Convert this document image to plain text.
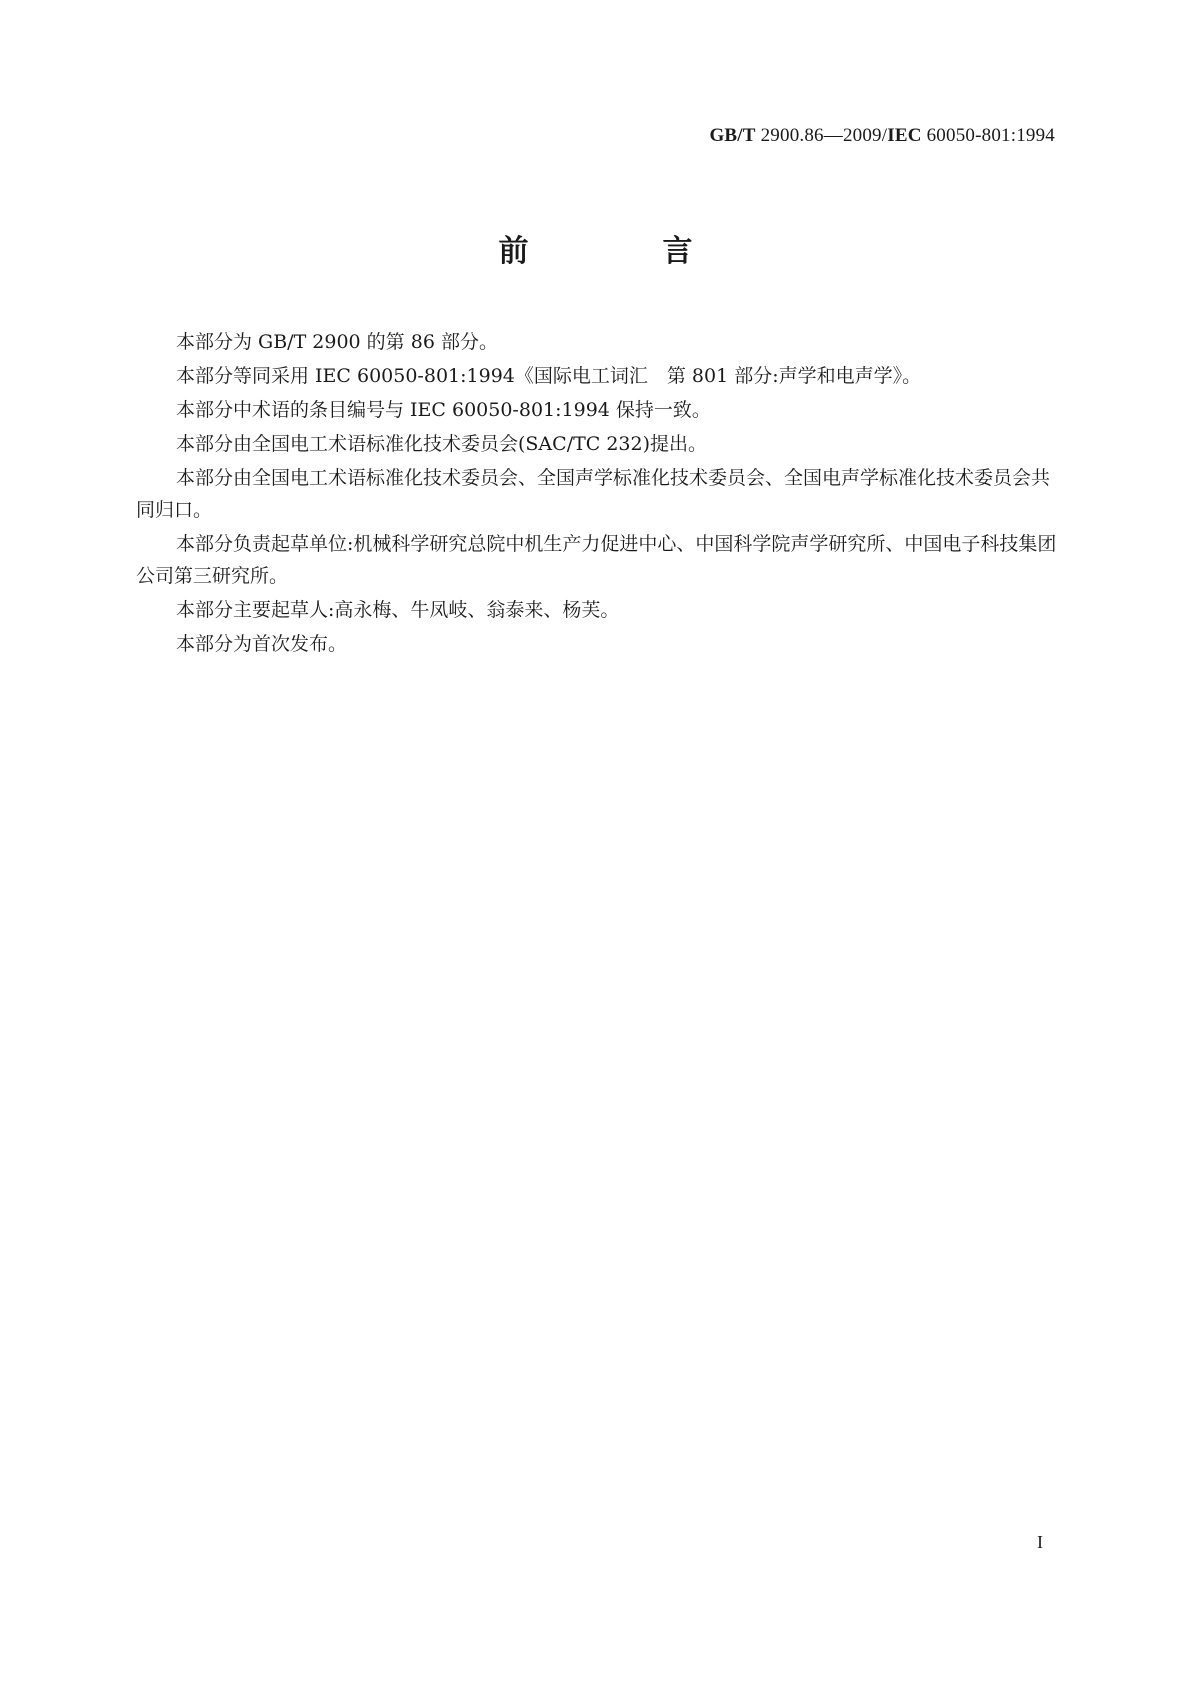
GB/T 2900.86—2009/IEC 60050-801:1994
前　言

本部分为 GB/T 2900 的第 86 部分。

本部分等同采用 IEC 60050-801:1994《国际电工词汇　第 801 部分:声学和电声学》。

本部分中术语的条目编号与 IEC 60050-801:1994 保持一致。

本部分由全国电工术语标准化技术委员会(SAC/TC 232)提出。

本部分由全国电工术语标准化技术委员会、全国声学标准化技术委员会、全国电声学标准化技术委员会共同归口。

本部分负责起草单位:机械科学研究总院中机生产力促进中心、中国科学院声学研究所、中国电子科技集团公司第三研究所。

本部分主要起草人:高永梅、牛凤岐、翁泰来、杨芙。

本部分为首次发布。

I
